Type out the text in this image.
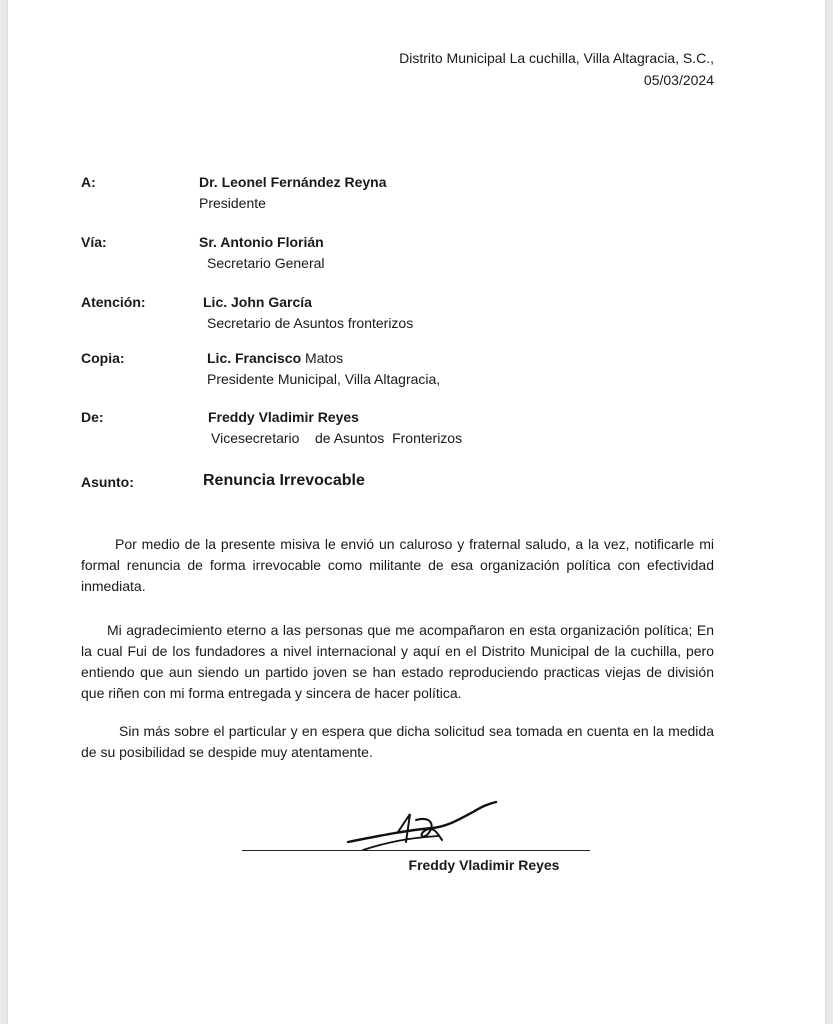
Distrito Municipal La cuchilla, Villa Altagracia, S.C.,
05/03/2024
A:	Dr. Leonel Fernández Reyna
Presidente
Vía:	Sr. Antonio Florián
Secretario General
Atención:	Lic. John García
Secretario de Asuntos fronterizos
Copia:	Lic. Francisco Matos
Presidente Municipal, Villa Altagracia,
De:	Freddy Vladimir Reyes
Vicesecretario    de Asuntos  Fronterizos
Asunto:	Renuncia Irrevocable

Por medio de la presente misiva le envió un caluroso y fraternal saludo, a la vez, notificarle mi formal renuncia de forma irrevocable como militante de esa organización política con efectividad inmediata.

Mi agradecimiento eterno a las personas que me acompañaron en esta organización política; En la cual Fui de los fundadores a nivel internacional y aquí en el Distrito Municipal de la cuchilla, pero entiendo que aun siendo un partido joven se han estado reproduciendo practicas viejas de división que riñen con mi forma entregada y sincera de hacer política.

Sin más sobre el particular y en espera que dicha solicitud sea tomada en cuenta en la medida de su posibilidad se despide muy atentamente.

Freddy Vladimir Reyes
